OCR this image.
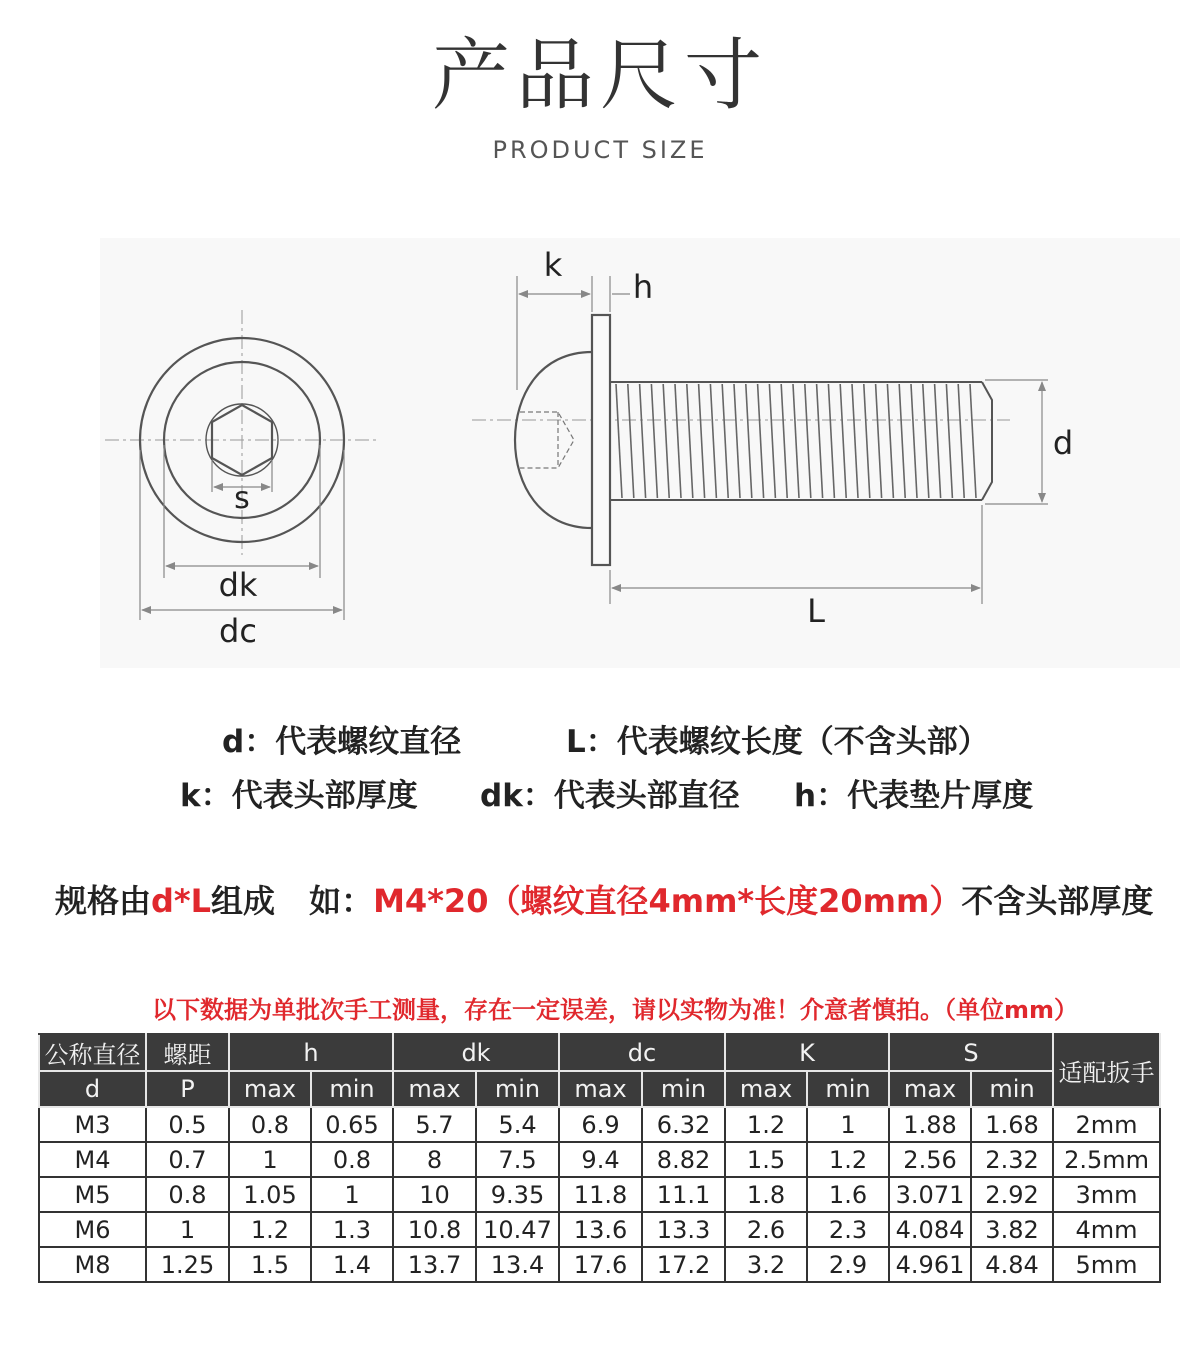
产品尺寸
PRODUCT SIZE
s
dk
dc
k
h
d
L
d：代表螺纹直径	L：代表螺纹长度（不含头部）
k：代表头部厚度 dk：代表头部直径 h：代表垫片厚度
规格由d*L组成 如：M4*20（螺纹直径4mm*长度20mm）不含头部厚度
以下数据为单批次手工测量，存在一定误差，请以实物为准！介意者慎拍。（单位mm）
公称直径	螺距	h		dk		dc		K		S		适配扳手
d	P	max	min	max	min	max	min	max	min	max	min	
M3	0.5	0.8	0.65	5.7	5.4	6.9	6.32	1.2	1	1.88	1.68	2mm
M4	0.7	1	0.8	8	7.5	9.4	8.82	1.5	1.2	2.56	2.32	2.5mm
M5	0.8	1.05	1	10	9.35	11.8	11.1	1.8	1.6	3.071	2.92	3mm
M6	1	1.2	1.3	10.8	10.47	13.6	13.3	2.6	2.3	4.084	3.82	4mm
M8	1.25	1.5	1.4	13.7	13.4	17.6	17.2	3.2	2.9	4.961	4.84	5mm
